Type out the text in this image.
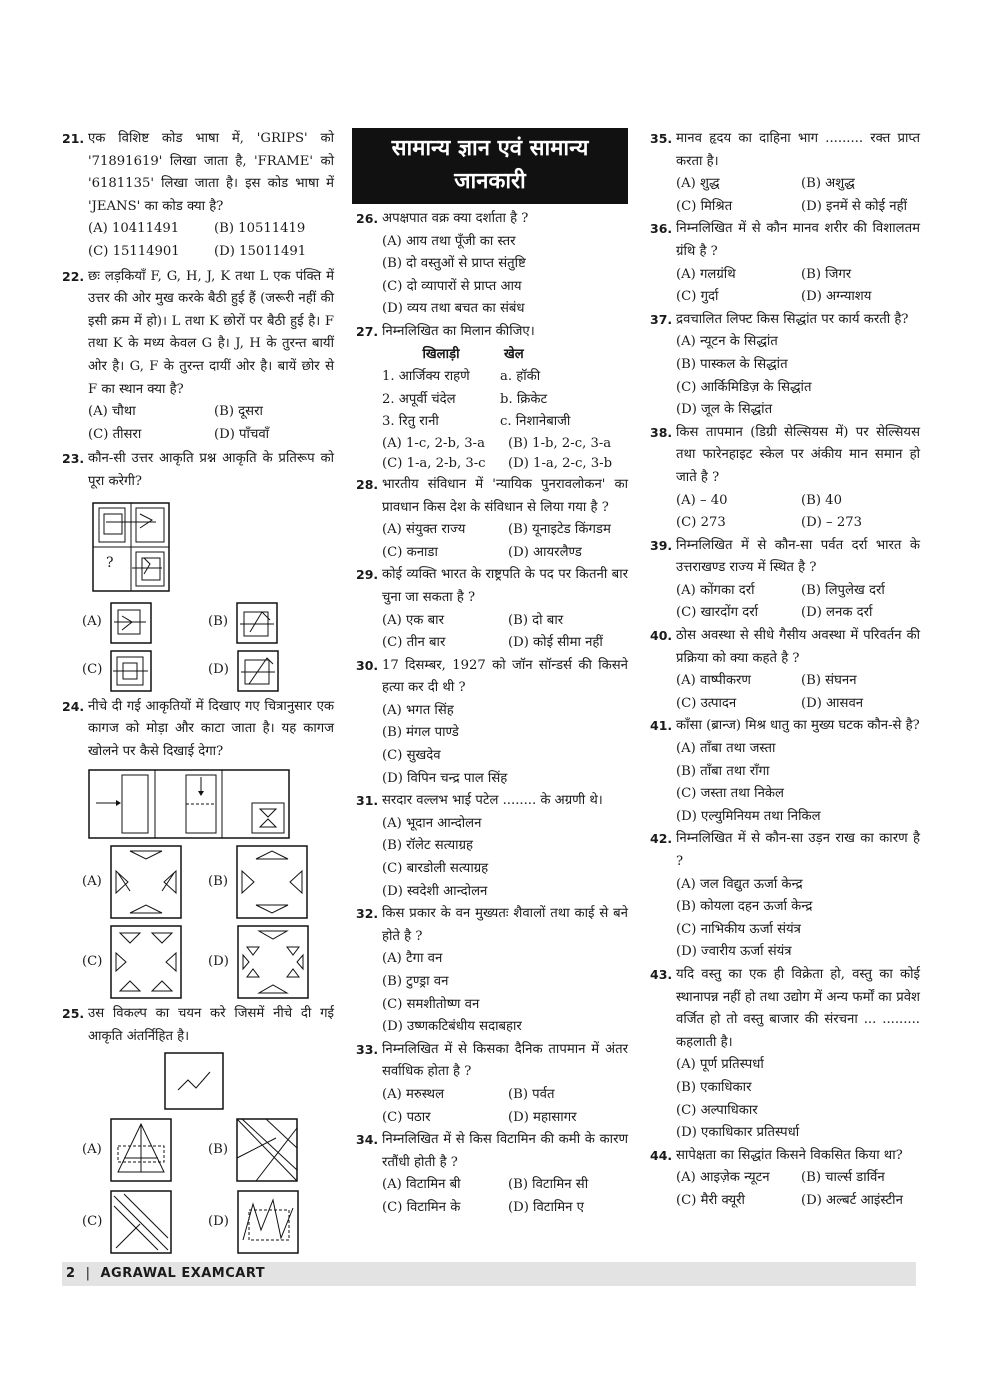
21. एक विशिष्ट कोड भाषा में, 'GRIPS' को '71891619' लिखा जाता है, 'FRAME' को '6181135' लिखा जाता है। इस कोड भाषा में 'JEANS' का कोड क्या है?
(A) 10411491	(B) 10511419
(C) 15114901	(D) 15011491
22. छः लड़कियाँ F, G, H, J, K तथा L एक पंक्ति में उत्तर की ओर मुख करके बैठी हुई हैं (जरूरी नहीं की इसी क्रम में हो)। L तथा K छोरों पर बैठी हुई है। F तथा K के मध्य केवल G है। J, H के तुरन्त बायीं ओर है। G, F के तुरन्त दायीं ओर है। बायें छोर से F का स्थान क्या है?
(A) चौथा	(B) दूसरा
(C) तीसरा	(D) पाँचवाँ
23. कौन-सी उत्तर आकृति प्रश्न आकृति के प्रतिरूप को पूरा करेगी?
?
(A)	(B)
(C)	(D)
24. नीचे दी गई आकृतियों में दिखाए गए चित्रानुसार एक कागज को मोड़ा और काटा जाता है। यह कागज खोलने पर कैसे दिखाई देगा?
(A)	(B)
(C)	(D)
25. उस विकल्प का चयन करे जिसमें नीचे दी गई आकृति अंतर्निहित है।
(A)	(B)
(C)	(D)
सामान्य ज्ञान एवं सामान्य जानकारी
26. अपक्षपात वक्र क्या दर्शाता है ?
(A) आय तथा पूँजी का स्तर
(B) दो वस्तुओं से प्राप्त संतुष्टि
(C) दो व्यापारों से प्राप्त आय
(D) व्यय तथा बचत का संबंध
27. निम्नलिखित का मिलान कीजिए।
खिलाड़ी	खेल
1. आर्जिक्य राहणे	a. हॉकी
2. अपूर्वी चंदेल	b. क्रिकेट
3. रितु रानी	c. निशानेबाजी
(A) 1-c, 2-b, 3-a	(B) 1-b, 2-c, 3-a
(C) 1-a, 2-b, 3-c	(D) 1-a, 2-c, 3-b
28. भारतीय संविधान में 'न्यायिक पुनरावलोकन' का प्रावधान किस देश के संविधान से लिया गया है ?
(A) संयुक्त राज्य	(B) यूनाइटेड किंगडम
(C) कनाडा	(D) आयरलैण्ड
29. कोई व्यक्ति भारत के राष्ट्रपति के पद पर कितनी बार चुना जा सकता है ?
(A) एक बार	(B) दो बार
(C) तीन बार	(D) कोई सीमा नहीं
30. 17 दिसम्बर, 1927 को जॉन सॉन्डर्स की किसने हत्या कर दी थी ?
(A) भगत सिंह
(B) मंगल पाण्डे
(C) सुखदेव
(D) विपिन चन्द्र पाल सिंह
31. सरदार वल्लभ भाई पटेल ........ के अग्रणी थे।
(A) भूदान आन्दोलन
(B) रॉलेट सत्याग्रह
(C) बारडोली सत्याग्रह
(D) स्वदेशी आन्दोलन
32. किस प्रकार के वन मुख्यतः शैवालों तथा काई से बने होते है ?
(A) टैगा वन
(B) टुण्ड्रा वन
(C) समशीतोष्ण वन
(D) उष्णकटिबंधीय सदाबहार
33. निम्नलिखित में से किसका दैनिक तापमान में अंतर सर्वाधिक होता है ?
(A) मरुस्थल	(B) पर्वत
(C) पठार	(D) महासागर
34. निम्नलिखित में से किस विटामिन की कमी के कारण रतौंधी होती है ?
(A) विटामिन बी	(B) विटामिन सी
(C) विटामिन के	(D) विटामिन ए
35. मानव हृदय का दाहिना भाग ......... रक्त प्राप्त करता है।
(A) शुद्ध	(B) अशुद्ध
(C) मिश्रित	(D) इनमें से कोई नहीं
36. निम्नलिखित में से कौन मानव शरीर की विशालतम ग्रंथि है ?
(A) गलग्रंथि	(B) जिगर
(C) गुर्दा	(D) अग्न्याशय
37. द्रवचालित लिफ्ट किस सिद्धांत पर कार्य करती है?
(A) न्यूटन के सिद्धांत
(B) पास्कल के सिद्धांत
(C) आर्किमिडिज़ के सिद्धांत
(D) जूल के सिद्धांत
38. किस तापमान (डिग्री सेल्सियस में) पर सेल्सियस तथा फारेनहाइट स्केल पर अंकीय मान समान हो जाते है ?
(A) – 40	(B) 40
(C) 273	(D) – 273
39. निम्नलिखित में से कौन-सा पर्वत दर्रा भारत के उत्तराखण्ड राज्य में स्थित है ?
(A) कोंगका दर्रा	(B) लिपुलेख दर्रा
(C) खारदोंग दर्रा	(D) लनक दर्रा
40. ठोस अवस्था से सीधे गैसीय अवस्था में परिवर्तन की प्रक्रिया को क्या कहते है ?
(A) वाष्पीकरण	(B) संघनन
(C) उत्पादन	(D) आसवन
41. काँसा (ब्रान्ज) मिश्र धातु का मुख्य घटक कौन-से है?
(A) ताँबा तथा जस्ता
(B) ताँबा तथा राँगा
(C) जस्ता तथा निकेल
(D) एल्युमिनियम तथा निकिल
42. निम्नलिखित में से कौन-सा उड़न राख का कारण है ?
(A) जल विद्युत ऊर्जा केन्द्र
(B) कोयला दहन ऊर्जा केन्द्र
(C) नाभिकीय ऊर्जा संयंत्र
(D) ज्वारीय ऊर्जा संयंत्र
43. यदि वस्तु का एक ही विक्रेता हो, वस्तु का कोई स्थानापन्न नहीं हो तथा उद्योग में अन्य फर्मों का प्रवेश वर्जित हो तो वस्तु बाजार की संरचना ... ......... कहलाती है।
(A) पूर्ण प्रतिस्पर्धा
(B) एकाधिकार
(C) अल्पाधिकार
(D) एकाधिकार प्रतिस्पर्धा
44. सापेक्षता का सिद्धांत किसने विकसित किया था?
(A) आइज़ेक न्यूटन	(B) चार्ल्स डार्विन
(C) मैरी क्यूरी	(D) अल्बर्ट आइंस्टीन
2 | AGRAWAL EXAMCART
